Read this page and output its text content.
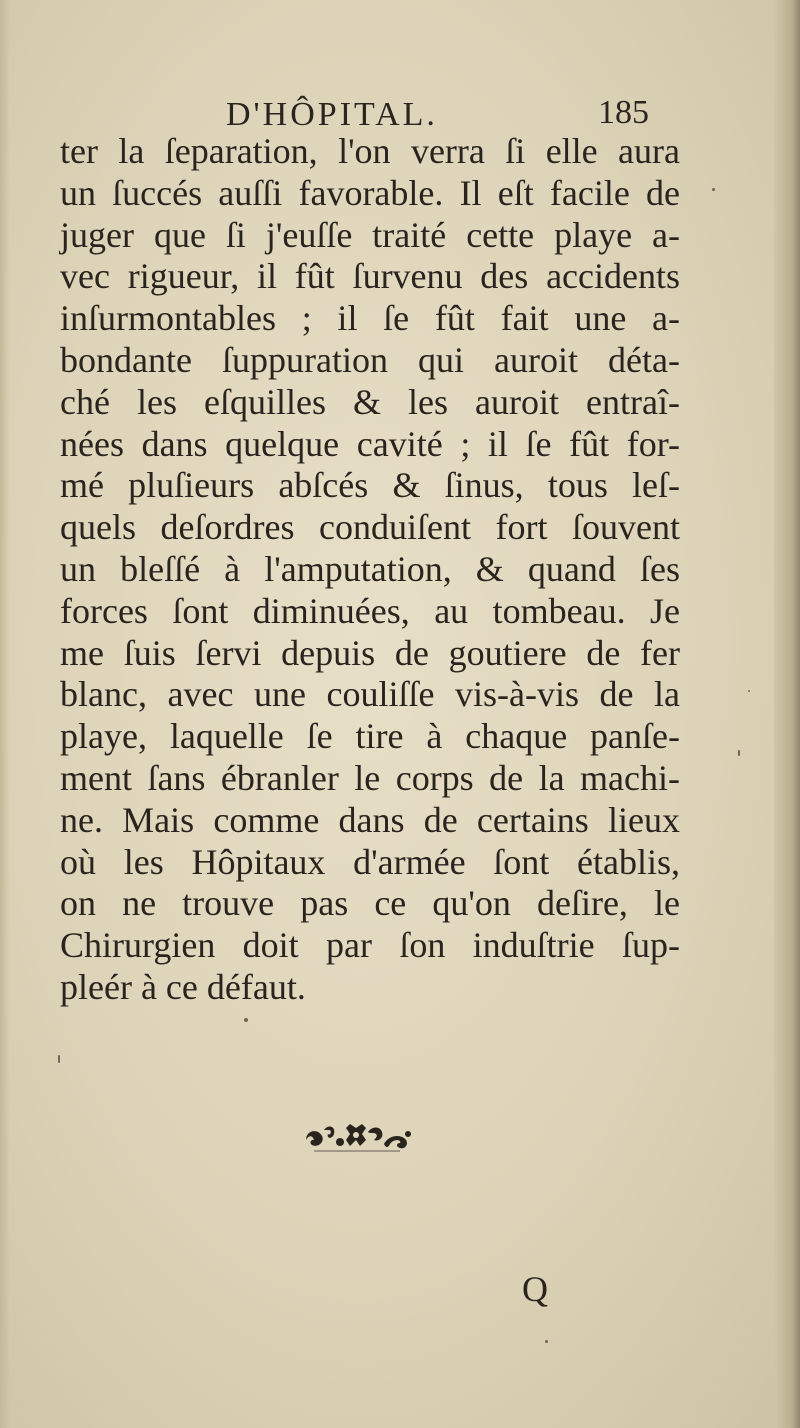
D'HÔPITAL.	185
ter la ſeparation, l'on verra ſi elle aura
un ſuccés auſſi favorable. Il eſt facile de
juger que ſi j'euſſe traité cette playe a-
vec rigueur, il fût ſurvenu des accidents
inſurmontables ; il ſe fût fait une a-
bondante ſuppuration qui auroit déta-
ché les eſquilles & les auroit entraî-
nées dans quelque cavité ; il ſe fût for-
mé pluſieurs abſcés & ſinus, tous leſ-
quels deſordres conduiſent fort ſouvent
un bleſſé à l'amputation, & quand ſes
forces ſont diminuées, au tombeau. Je
me ſuis ſervi depuis de goutiere de fer
blanc, avec une couliſſe vis-à-vis de la
playe, laquelle ſe tire à chaque panſe-
ment ſans ébranler le corps de la machi-
ne. Mais comme dans de certains lieux
où les Hôpitaux d'armée ſont établis,
on ne trouve pas ce qu'on deſire, le
Chirurgien doit par ſon induſtrie ſup-
pleér à ce défaut.
Q
